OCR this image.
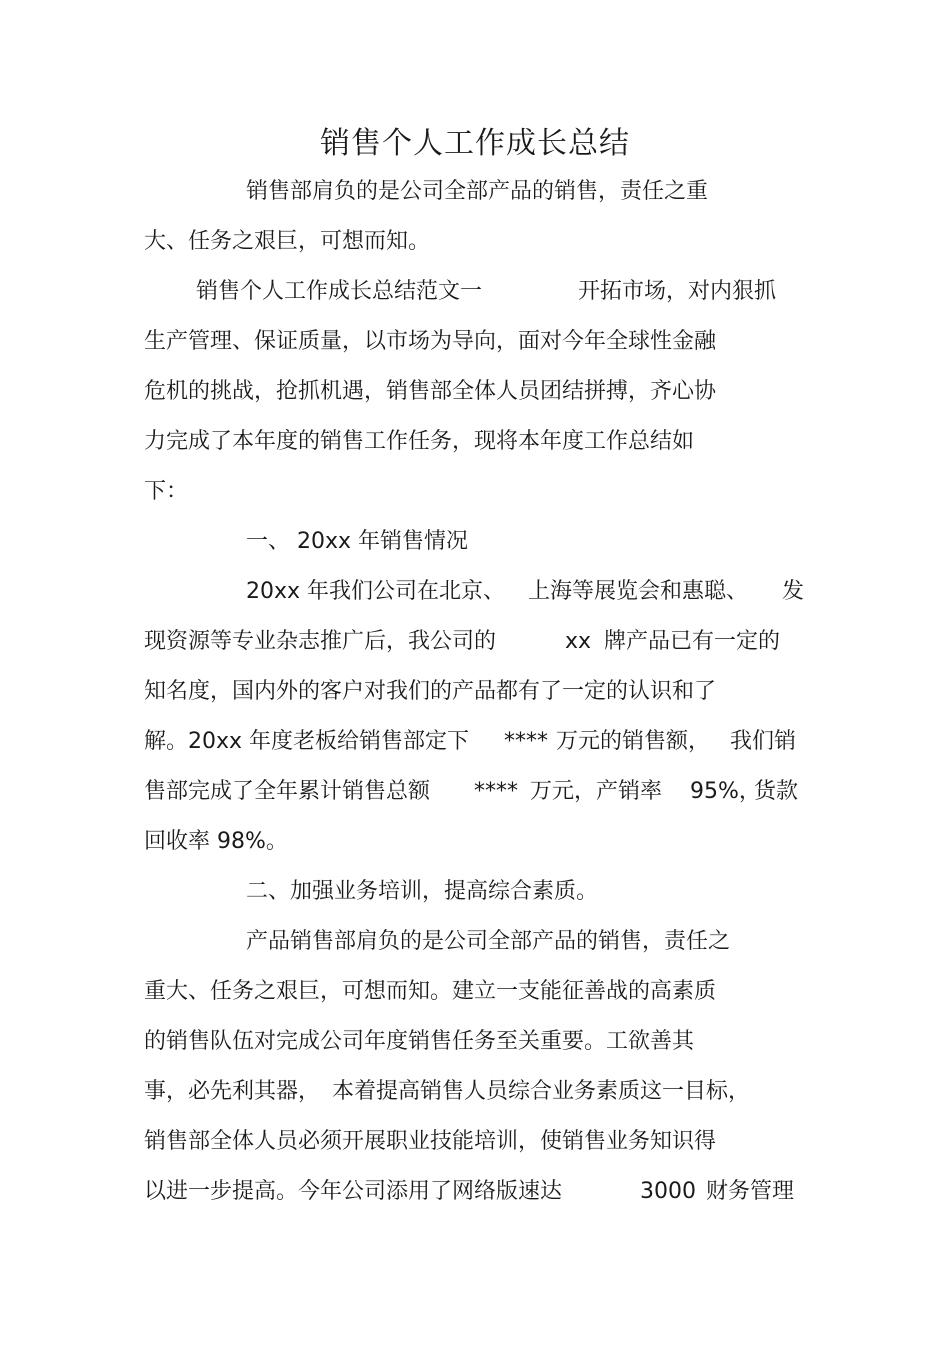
销售个人工作成长总结
销售部肩负的是公司全部产品的销售，责任之重
大、任务之艰巨，可想而知。
销售个人工作成长总结范文一	开拓市场，对内狠抓
生产管理、保证质量，以市场为导向，面对今年全球性金融
危机的挑战，抢抓机遇，销售部全体人员团结拼搏，齐心协
力完成了本年度的销售工作任务，现将本年度工作总结如
下：
一、 20xx 年销售情况
20xx 年我们公司在北京、 上海等展览会和惠聪、 发
现资源等专业杂志推广后，我公司的	xx 牌产品已有一定的
知名度，国内外的客户对我们的产品都有了一定的认识和了
解。20xx 年度老板给销售部定下 **** 万元的销售额， 我们销
售部完成了全年累计销售总额 **** 万元，产销率 95%，
货款
回收率 98%。
二、加强业务培训，提高综合素质。
产品销售部肩负的是公司全部产品的销售，责任之
重大、任务之艰巨，可想而知。建立一支能征善战的高素质
的销售队伍对完成公司年度销售任务至关重要。工欲善其
事，必先利其器， 本着提高销售人员综合业务素质这一目标，
销售部全体人员必须开展职业技能培训，使销售业务知识得
以进一步提高。今年公司添用了网络版速达	3000 财务管理
